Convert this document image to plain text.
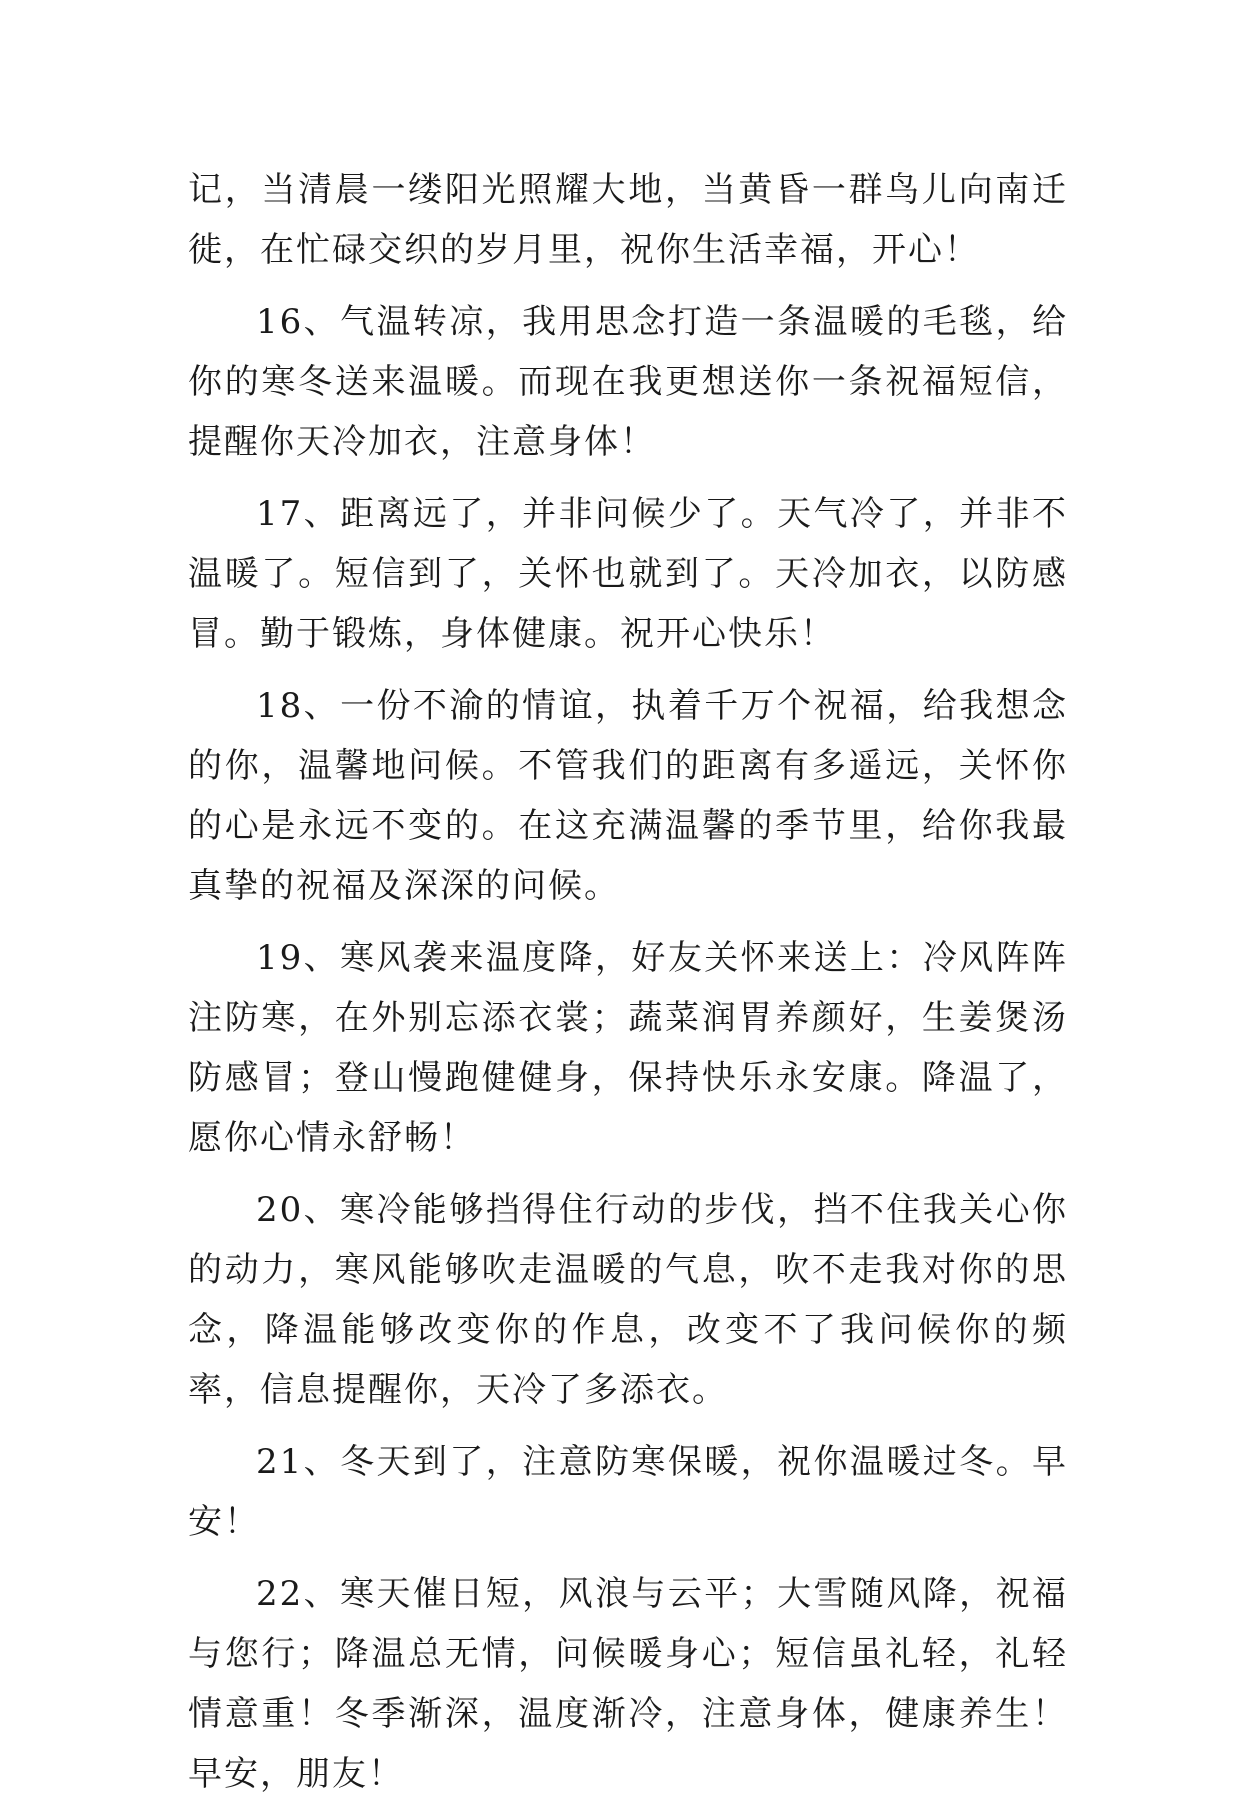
记，当清晨一缕阳光照耀大地，当黄昏一群鸟儿向南迁徙，在忙碌交织的岁月里，祝你生活幸福，开心！

16、气温转凉，我用思念打造一条温暖的毛毯，给你的寒冬送来温暖。而现在我更想送你一条祝福短信，提醒你天冷加衣，注意身体！

17、距离远了，并非问候少了。天气冷了，并非不温暖了。短信到了，关怀也就到了。天冷加衣，以防感冒。勤于锻炼，身体健康。祝开心快乐！

18、一份不渝的情谊，执着千万个祝福，给我想念的你，温馨地问候。不管我们的距离有多遥远，关怀你的心是永远不变的。在这充满温馨的季节里，给你我最真挚的祝福及深深的问候。

19、寒风袭来温度降，好友关怀来送上：冷风阵阵注防寒，在外别忘添衣裳；蔬菜润胃养颜好，生姜煲汤防感冒；登山慢跑健健身，保持快乐永安康。降温了，愿你心情永舒畅！

20、寒冷能够挡得住行动的步伐，挡不住我关心你的动力，寒风能够吹走温暖的气息，吹不走我对你的思念，降温能够改变你的作息，改变不了我问候你的频率，信息提醒你，天冷了多添衣。

21、冬天到了，注意防寒保暖，祝你温暖过冬。早安！

22、寒天催日短，风浪与云平；大雪随风降，祝福与您行；降温总无情，问候暖身心；短信虽礼轻，礼轻情意重！冬季渐深，温度渐冷，注意身体，健康养生！早安，朋友！
